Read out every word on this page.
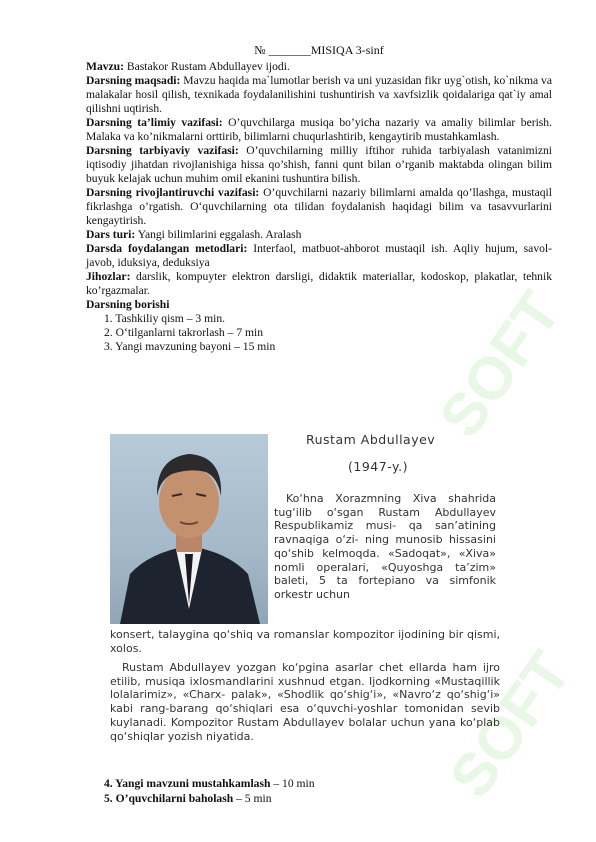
SOFT
SOFT

№ _______MISIQA 3-sinf

Mavzu: Bastakor Rustam Abdullayev ijodi.

Darsning maqsadi: Mavzu haqida ma`lumotlar berish va uni yuzasidan fikr uyg`otish, ko`nikma va malakalar hosil qilish, texnikada foydalanilishini tushuntirish va xavfsizlik qoidalariga qat`iy amal qilishni uqtirish.

Darsning ta’limiy vazifasi: O’quvchilarga musiqa bo’yicha nazariy va amaliy bilimlar berish. Malaka va ko’nikmalarni orttirib, bilimlarni chuqurlashtirib, kengaytirib mustahkamlash.

Darsning tarbiyaviy vazifasi: O’quvchilarning milliy iftihor ruhida tarbiyalash vatanimizni iqtisodiy jihatdan rivojlanishiga hissa qo’shish, fanni qunt bilan o’rganib maktabda olingan bilim buyuk kelajak uchun muhim omil ekanini tushuntira bilish.

Darsning rivojlantiruvchi vazifasi: O’quvchilarni nazariy bilimlarni amalda qo’llashga, mustaqil fikrlashga o’rgatish. O‘quvchilarning ota tilidan foydalanish haqidagi bilim va tasavvurlarini kengaytirish.

Dars turi: Yangi bilimlarini eggalash. Aralash

Darsda foydalangan metodlari: Interfaol, matbuot-ahborot mustaqil ish. Aqliy hujum, savol-javob, iduksiya, deduksiya

Jihozlar: darslik, kompuyter elektron darsligi, didaktik materiallar, kodoskop, plakatlar, tehnik ko’rgazmalar.

Darsning borishi

1. Tashkiliy qism – 3 min.
2. O‘tilganlarni takrorlash – 7 min
3. Yangi mavzuning bayoni – 15 min
Rustam Abdullayev
(1947-y.)
Ko‘hna Xorazmning Xiva shahrida tug‘ilib o‘sgan Rustam Abdullayev Respublikamiz musi- qa san’atining ravnaqiga o‘zi- ning munosib hissasini qo‘shib kelmoqda. «Sadoqat», «Xiva» nomli operalari, «Quyoshga ta’zim» baleti, 5 ta fortepiano va simfonik orkestr uchun
konsert, talaygina qo‘shiq va romanslar kompozitor ijodining bir qismi, xolos.
Rustam Abdullayev yozgan ko‘pgina asarlar chet ellarda ham ijro etilib, musiqa ixlosmandlarini xushnud etgan. Ijodkorning «Mustaqillik lolalarimiz», «Charx- palak», «Shodlik qo‘shig‘i», «Navro‘z qo‘shig‘i» kabi rang-barang qo‘shiqlari esa o‘quvchi-yoshlar tomonidan sevib kuylanadi. Kompozitor Rustam Abdullayev bolalar uchun yana ko‘plab qo‘shiqlar yozish niyatida.
4. Yangi mavzuni mustahkamlash – 10 min
5. O’quvchilarni baholash – 5 min
